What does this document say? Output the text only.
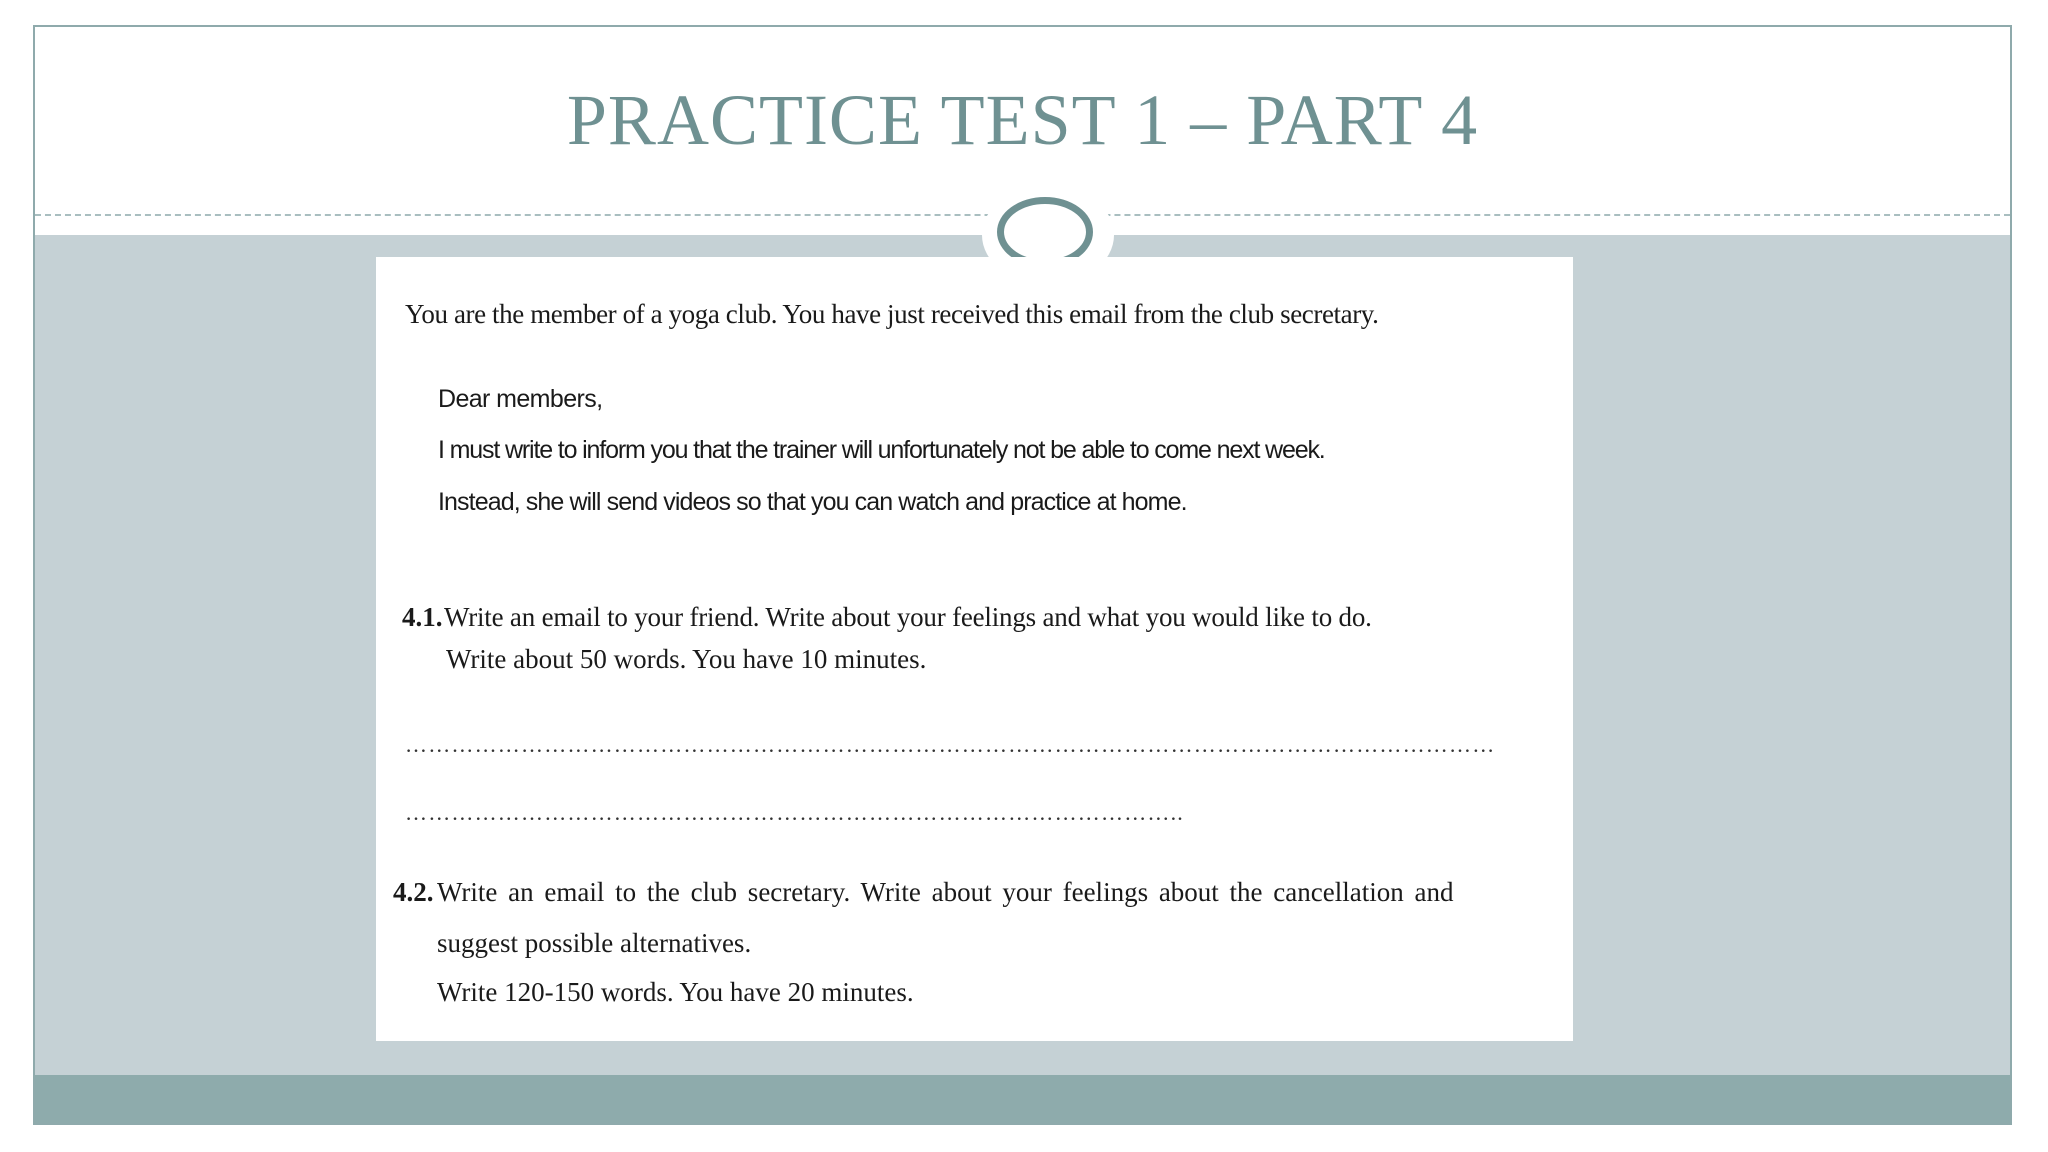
PRACTICE TEST 1 – PART 4

You are the member of a yoga club. You have just received this email from the club secretary.

Dear members,

I must write to inform you that the trainer will unfortunately not be able to come next week.

Instead, she will send videos so that you can watch and practice at home.

4.1. Write an email to your friend. Write about your feelings and what you would like to do.

Write about 50 words. You have 10 minutes.

……………………………………………………………………………………………………………………………

………………………………………………………………………………………..

4.2. Write an email to the club secretary. Write about your feelings about the cancellation and

suggest possible alternatives.

Write 120-150 words. You have 20 minutes.
